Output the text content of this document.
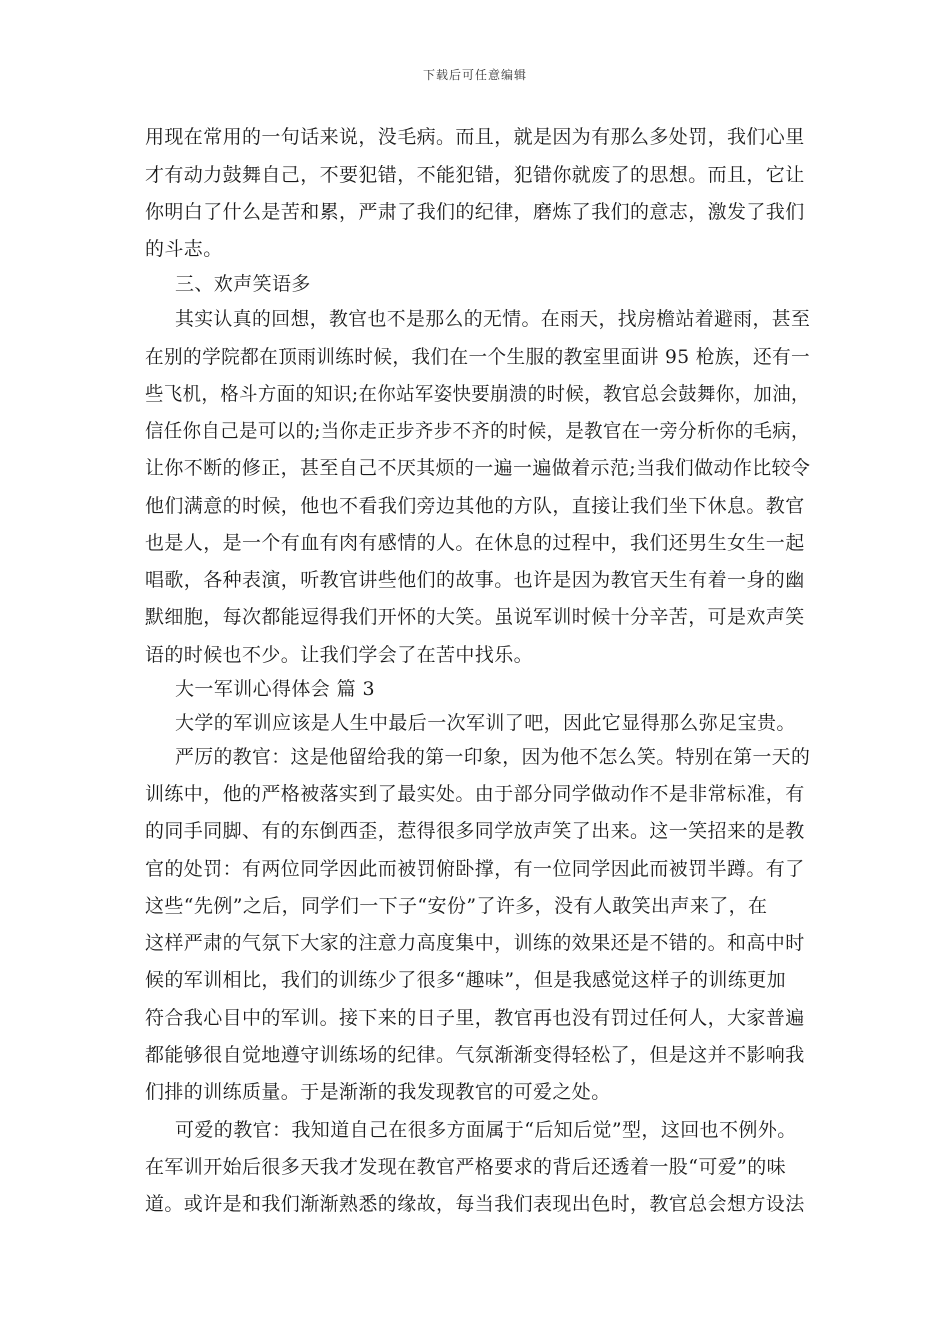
下载后可任意编辑
用现在常用的一句话来说，没毛病。而且，就是因为有那么多处罚，我们心里
才有动力鼓舞自己，不要犯错，不能犯错，犯错你就废了的思想。而且，它让
你明白了什么是苦和累，严肃了我们的纪律，磨炼了我们的意志，激发了我们
的斗志。
三、欢声笑语多
其实认真的回想，教官也不是那么的无情。在雨天，找房檐站着避雨，甚至
在别的学院都在顶雨训练时候，我们在一个生服的教室里面讲 95 枪族，还有一
些飞机，格斗方面的知识;在你站军姿快要崩溃的时候，教官总会鼓舞你，加油，
信任你自己是可以的;当你走正步齐步不齐的时候，是教官在一旁分析你的毛病，
让你不断的修正，甚至自己不厌其烦的一遍一遍做着示范;当我们做动作比较令
他们满意的时候，他也不看我们旁边其他的方队，直接让我们坐下休息。教官
也是人，是一个有血有肉有感情的人。在休息的过程中，我们还男生女生一起
唱歌，各种表演，听教官讲些他们的故事。也许是因为教官天生有着一身的幽
默细胞，每次都能逗得我们开怀的大笑。虽说军训时候十分辛苦，可是欢声笑
语的时候也不少。让我们学会了在苦中找乐。
大一军训心得体会 篇 3
大学的军训应该是人生中最后一次军训了吧，因此它显得那么弥足宝贵。
严厉的教官：这是他留给我的第一印象，因为他不怎么笑。特别在第一天的
训练中，他的严格被落实到了最实处。由于部分同学做动作不是非常标准，有
的同手同脚、有的东倒西歪，惹得很多同学放声笑了出来。这一笑招来的是教
官的处罚：有两位同学因此而被罚俯卧撑，有一位同学因此而被罚半蹲。有了
这些“先例”之后，同学们一下子“安份”了许多，没有人敢笑出声来了，在
这样严肃的气氛下大家的注意力高度集中，训练的效果还是不错的。和高中时
候的军训相比，我们的训练少了很多“趣味”，但是我感觉这样子的训练更加
符合我心目中的军训。接下来的日子里，教官再也没有罚过任何人，大家普遍
都能够很自觉地遵守训练场的纪律。气氛渐渐变得轻松了，但是这并不影响我
们排的训练质量。于是渐渐的我发现教官的可爱之处。
可爱的教官：我知道自己在很多方面属于“后知后觉”型，这回也不例外。
在军训开始后很多天我才发现在教官严格要求的背后还透着一股“可爱”的味
道。或许是和我们渐渐熟悉的缘故，每当我们表现出色时，教官总会想方设法
